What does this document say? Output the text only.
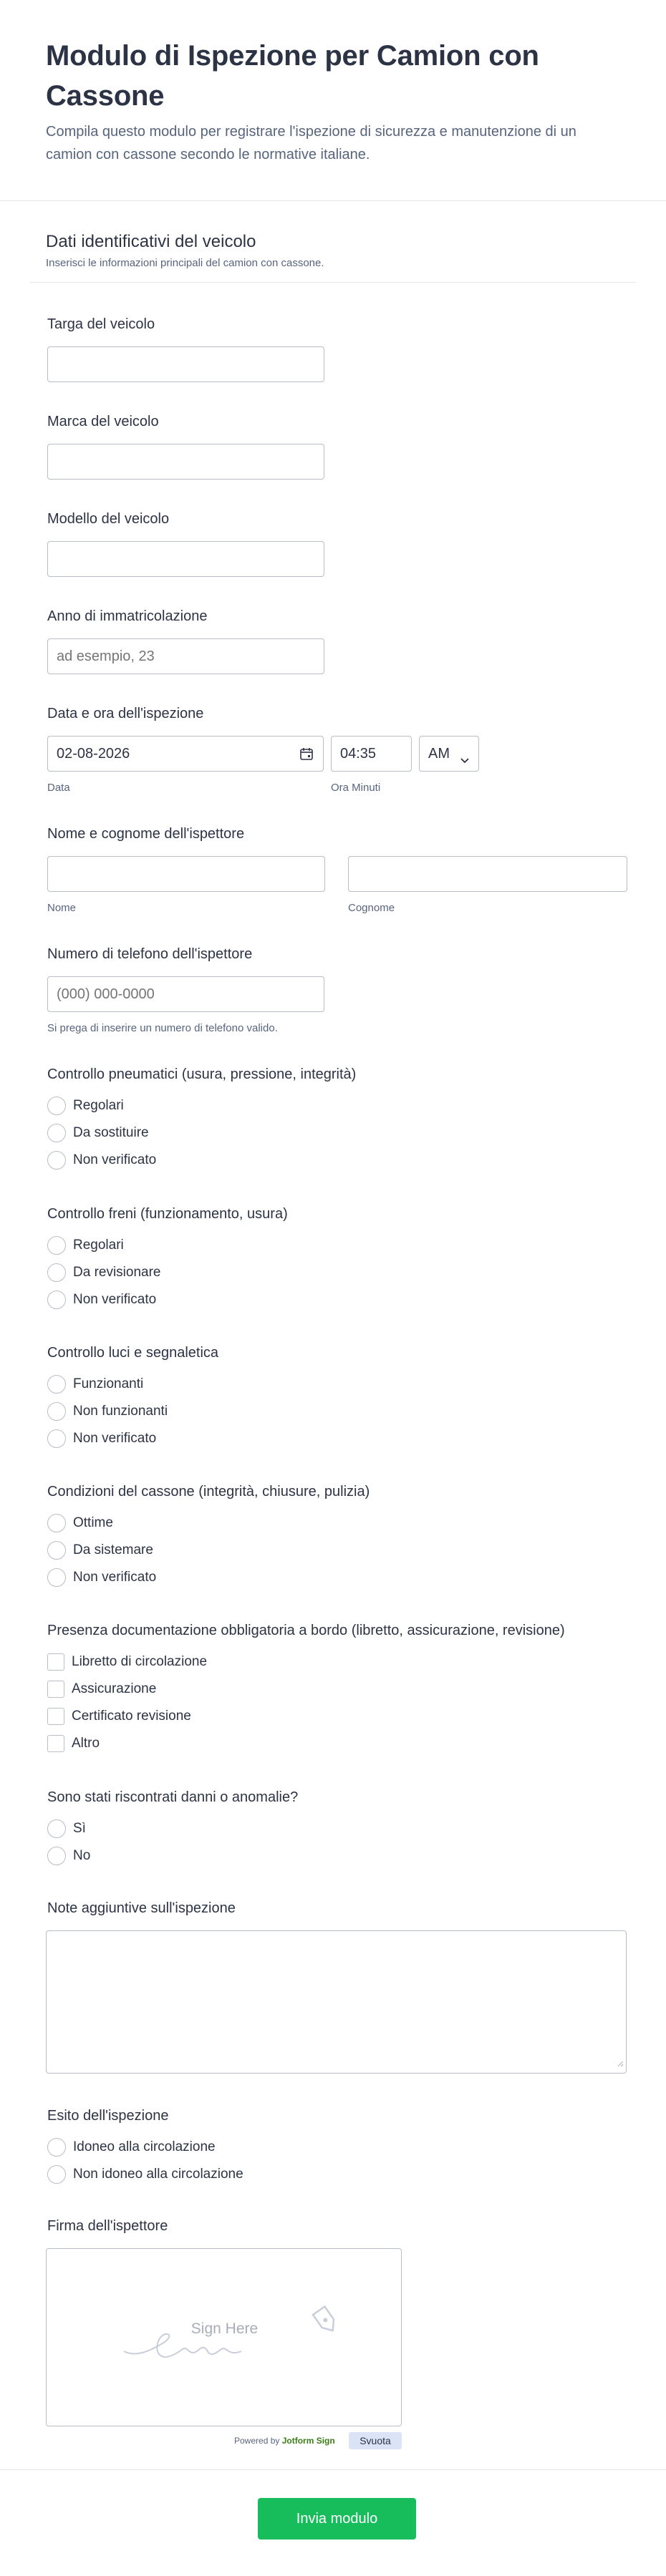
Modulo di Ispezione per Camion con Cassone

Compila questo modulo per registrare l'ispezione di sicurezza e manutenzione di un camion con cassone secondo le normative italiane.

Dati identificativi del veicolo
Inserisci le informazioni principali del camion con cassone.
Targa del veicolo
Marca del veicolo
Modello del veicolo
Anno di immatricolazione
ad esempio, 23
Data e ora dell'ispezione
02-08-2026	04:35	AM
Data	Ora Minuti
Nome e cognome dell'ispettore
Nome	Cognome
Numero di telefono dell'ispettore
(000) 000-0000
Si prega di inserire un numero di telefono valido.
Controllo pneumatici (usura, pressione, integrità)
Regolari
Da sostituire
Non verificato
Controllo freni (funzionamento, usura)
Regolari
Da revisionare
Non verificato
Controllo luci e segnaletica
Funzionanti
Non funzionanti
Non verificato
Condizioni del cassone (integrità, chiusure, pulizia)
Ottime
Da sistemare
Non verificato
Presenza documentazione obbligatoria a bordo (libretto, assicurazione, revisione)
Libretto di circolazione
Assicurazione
Certificato revisione
Altro
Sono stati riscontrati danni o anomalie?
Sì
No
Note aggiuntive sull'ispezione
Esito dell'ispezione
Idoneo alla circolazione
Non idoneo alla circolazione
Firma dell'ispettore
Sign Here
Powered by Jotform Sign	Svuota
Invia modulo
